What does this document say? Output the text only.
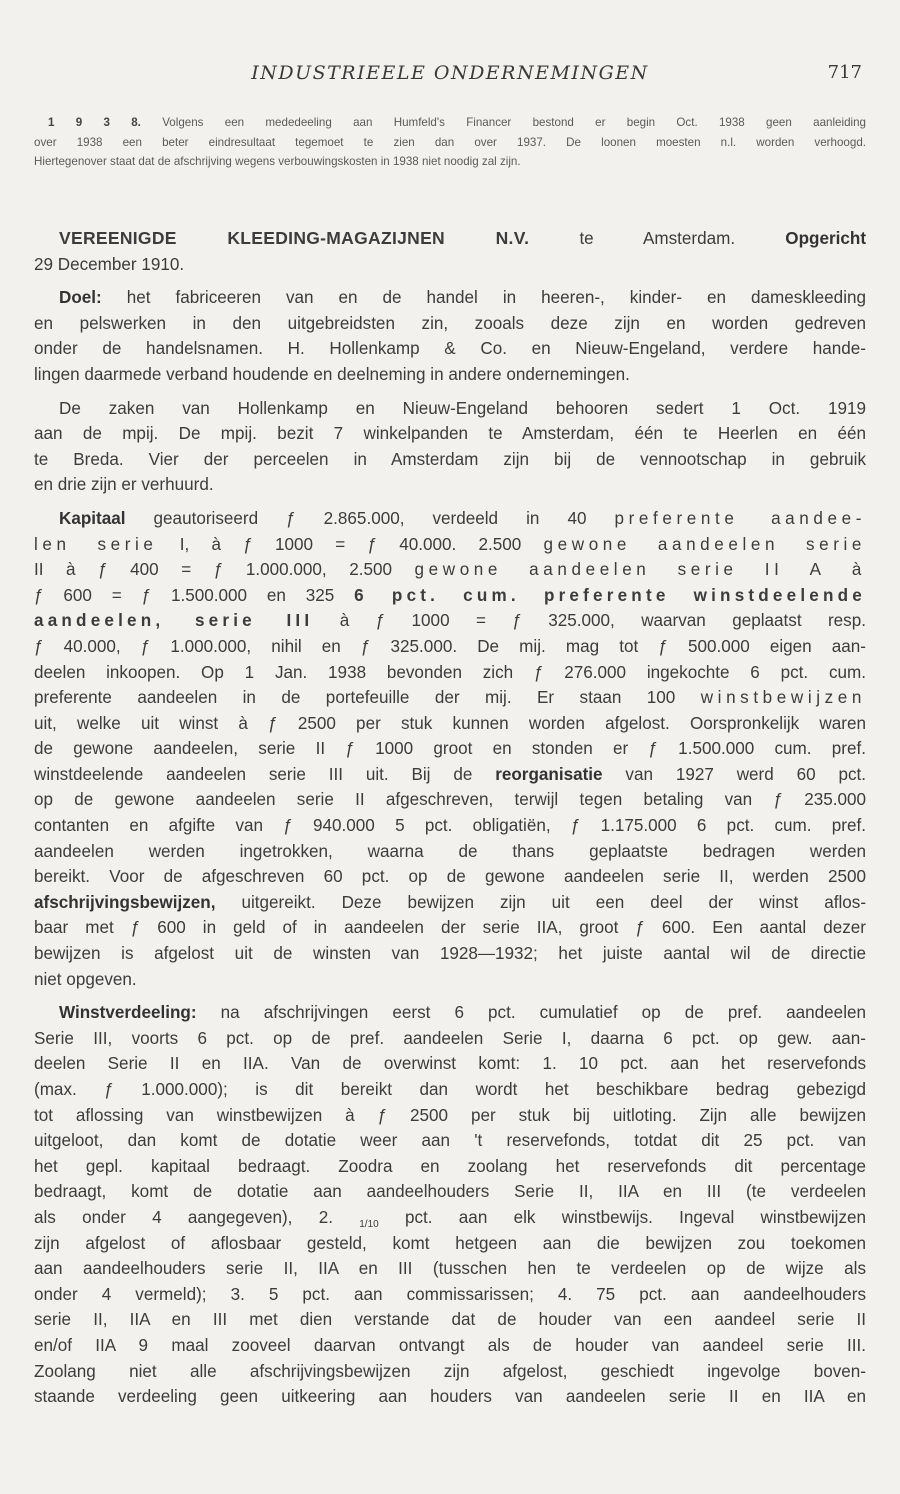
INDUSTRIEELE ONDERNEMINGEN	717
1 9 3 8. Volgens een mededeeling aan Humfeld's Financer bestond er begin Oct. 1938 geen aanleiding
over 1938 een beter eindresultaat tegemoet te zien dan over 1937. De loonen moesten n.l. worden verhoogd.
Hiertegenover staat dat de afschrijving wegens verbouwingskosten in 1938 niet noodig zal zijn.
VEREENIGDE KLEEDING-MAGAZIJNEN N.V.	te Amsterdam.	Opgericht
29 December 1910.
Doel: het fabriceeren van en de handel in heeren-, kinder- en dameskleeding
en pelswerken in den uitgebreidsten zin, zooals deze zijn en worden gedreven
onder de handelsnamen. H. Hollenkamp & Co. en Nieuw-Engeland, verdere hande-
lingen daarmede verband houdende en deelneming in andere ondernemingen.
De zaken van Hollenkamp en Nieuw-Engeland behooren sedert 1 Oct. 1919
aan de mpij. De mpij. bezit 7 winkelpanden te Amsterdam, één te Heerlen en één
te Breda. Vier der perceelen in Amsterdam zijn bij de vennootschap in gebruik
en drie zijn er verhuurd.
Kapitaal geautoriseerd ƒ 2.865.000, verdeeld in 40 preferente aandee-
len serie I, à ƒ 1000 = ƒ 40.000. 2.500 gewone aandeelen serie
II à ƒ 400 = ƒ 1.000.000, 2.500 gewone aandeelen serie II A à
ƒ 600 = ƒ 1.500.000 en 325 6 pct. cum. preferente winstdeelende
aandeelen, serie III à ƒ 1000 = ƒ 325.000, waarvan geplaatst resp.
ƒ 40.000, ƒ 1.000.000, nihil en ƒ 325.000. De mij. mag tot ƒ 500.000 eigen aan-
deelen inkoopen. Op 1 Jan. 1938 bevonden zich ƒ 276.000 ingekochte 6 pct. cum.
preferente aandeelen in de portefeuille der mij. Er staan 100 winstbewijzen
uit, welke uit winst à ƒ 2500 per stuk kunnen worden afgelost. Oorspronkelijk waren
de gewone aandeelen, serie II ƒ 1000 groot en stonden er ƒ 1.500.000 cum. pref.
winstdeelende aandeelen serie III uit. Bij de reorganisatie van 1927 werd 60 pct.
op de gewone aandeelen serie II afgeschreven, terwijl tegen betaling van ƒ 235.000
contanten en afgifte van ƒ 940.000 5 pct. obligatiën, ƒ 1.175.000 6 pct. cum. pref.
aandeelen werden ingetrokken, waarna de thans geplaatste bedragen werden
bereikt. Voor de afgeschreven 60 pct. op de gewone aandeelen serie II, werden 2500
afschrijvingsbewijzen, uitgereikt. Deze bewijzen zijn uit een deel der winst aflos-
baar met ƒ 600 in geld of in aandeelen der serie IIA, groot ƒ 600. Een aantal dezer
bewijzen is afgelost uit de winsten van 1928—1932; het juiste aantal wil de directie
niet opgeven.
Winstverdeeling: na afschrijvingen eerst 6 pct. cumulatief op de pref. aandeelen
Serie III, voorts 6 pct. op de pref. aandeelen Serie I, daarna 6 pct. op gew. aan-
deelen Serie II en IIA. Van de overwinst komt: 1. 10 pct. aan het reservefonds
(max. ƒ 1.000.000); is dit bereikt dan wordt het beschikbare bedrag gebezigd
tot aflossing van winstbewijzen à ƒ 2500 per stuk bij uitloting. Zijn alle bewijzen
uitgeloot, dan komt de dotatie weer aan 't reservefonds, totdat dit 25 pct. van
het gepl. kapitaal bedraagt. Zoodra en zoolang het reservefonds dit percentage
bedraagt, komt de dotatie aan aandeelhouders Serie II, IIA en III (te verdeelen
als onder 4 aangegeven), 2.	$_{1/10}$ pct. aan elk winstbewijs. Ingeval winstbewijzen
zijn afgelost of aflosbaar gesteld, komt hetgeen aan die bewijzen zou toekomen
aan aandeelhouders serie II, IIA en III (tusschen hen te verdeelen op de wijze als
onder 4 vermeld); 3. 5 pct. aan commissarissen; 4. 75 pct. aan aandeelhouders
serie II, IIA en III met dien verstande dat de houder van een aandeel serie II
en/of IIA 9 maal zooveel daarvan ontvangt als de houder van aandeel serie III.
Zoolang niet alle afschrijvingsbewijzen zijn afgelost, geschiedt ingevolge boven-
staande verdeeling geen uitkeering aan houders van aandeelen serie II en IIA en
